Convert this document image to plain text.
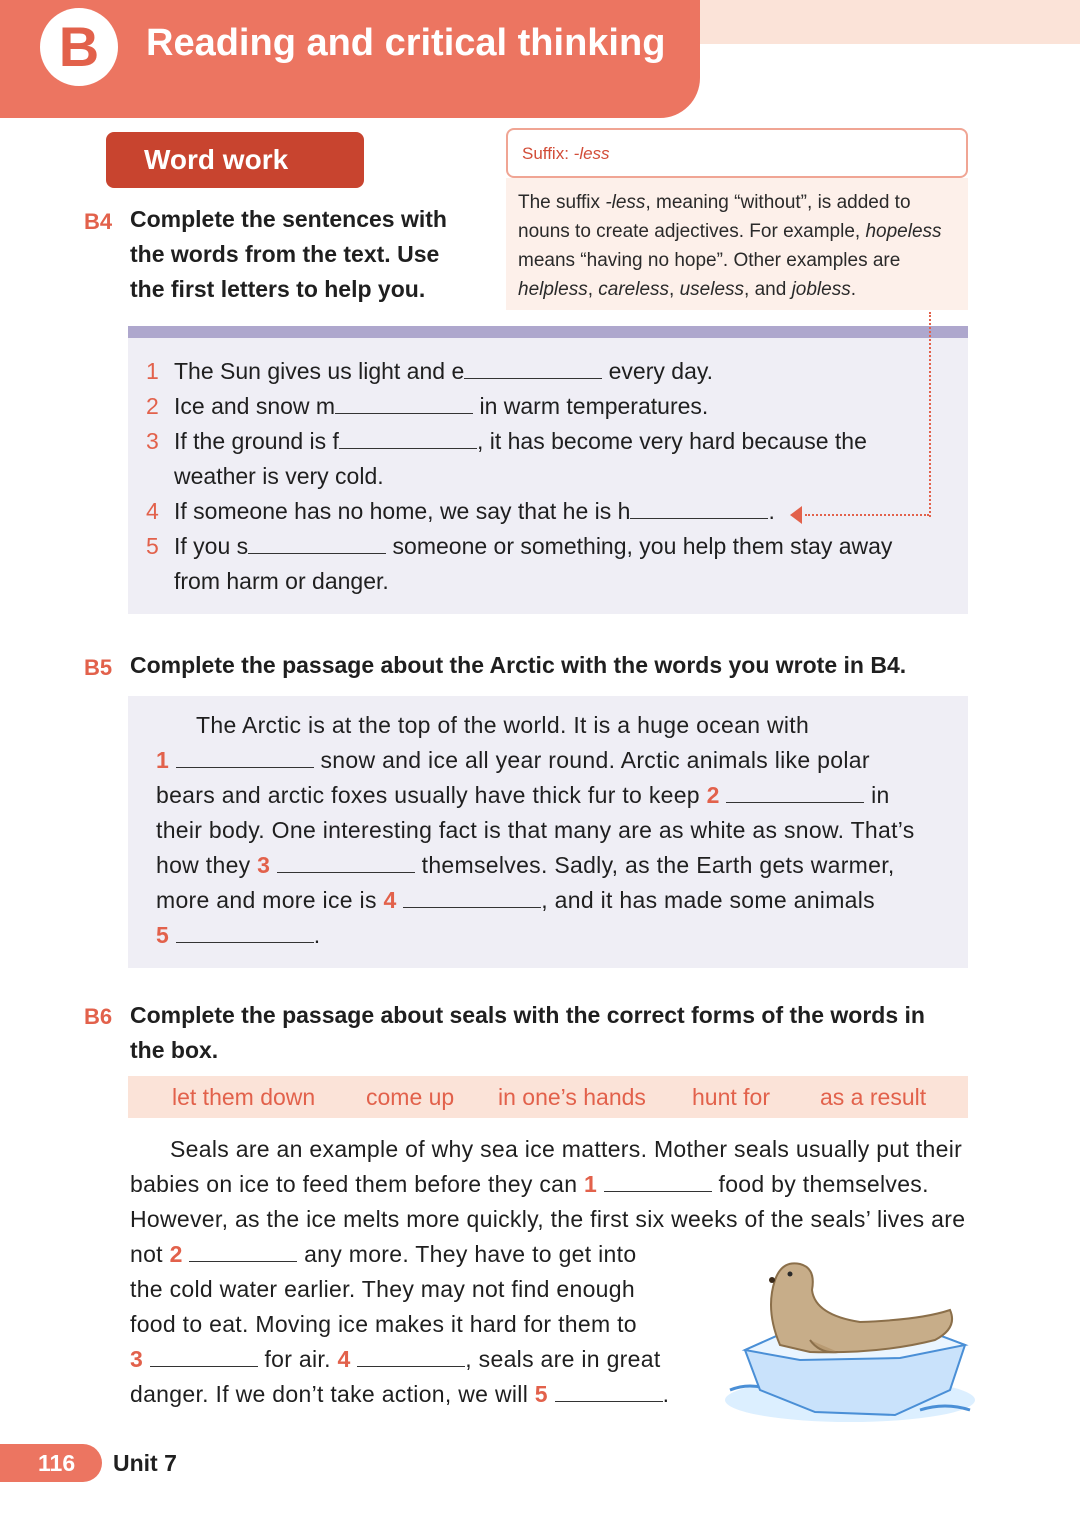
B	Reading and critical thinking
Word work
B4 Complete the sentences with
the words from the text. Use
the first letters to help you.
Suffix: -less
The suffix -less, meaning “without”, is added to
nouns to create adjectives. For example, hopeless
means “having no hope”. Other examples are
helpless, careless, useless, and jobless.
1 The Sun gives us light and e	every day.
2 Ice and snow m	in warm temperatures.
3 If the ground is f	, it has become very hard because the
weather is very cold.
4 If someone has no home, we say that he is h	.
5 If you s	someone or something, you help them stay away
from harm or danger.
B5 Complete the passage about the Arctic with the words you wrote in B4.
The Arctic is at the top of the world. It is a huge ocean with
1	snow and ice all year round. Arctic animals like polar
bears and arctic foxes usually have thick fur to keep 2	in
their body. One interesting fact is that many are as white as snow. That’s
how they 3	themselves. Sadly, as the Earth gets warmer,
more and more ice is 4	, and it has made some animals
5	.
B6 Complete the passage about seals with the correct forms of the words in
the box.
let them down come up in one’s hands hunt for as a result
Seals are an example of why sea ice matters. Mother seals usually put their
babies on ice to feed them before they can 1	food by themselves.
However, as the ice melts more quickly, the first six weeks of the seals’ lives are
not 2	any more. They have to get into
the cold water earlier. They may not find enough
food to eat. Moving ice makes it hard for them to
3	for air. 4	, seals are in great
danger. If we don’t take action, we will 5	.
116	Unit 7
